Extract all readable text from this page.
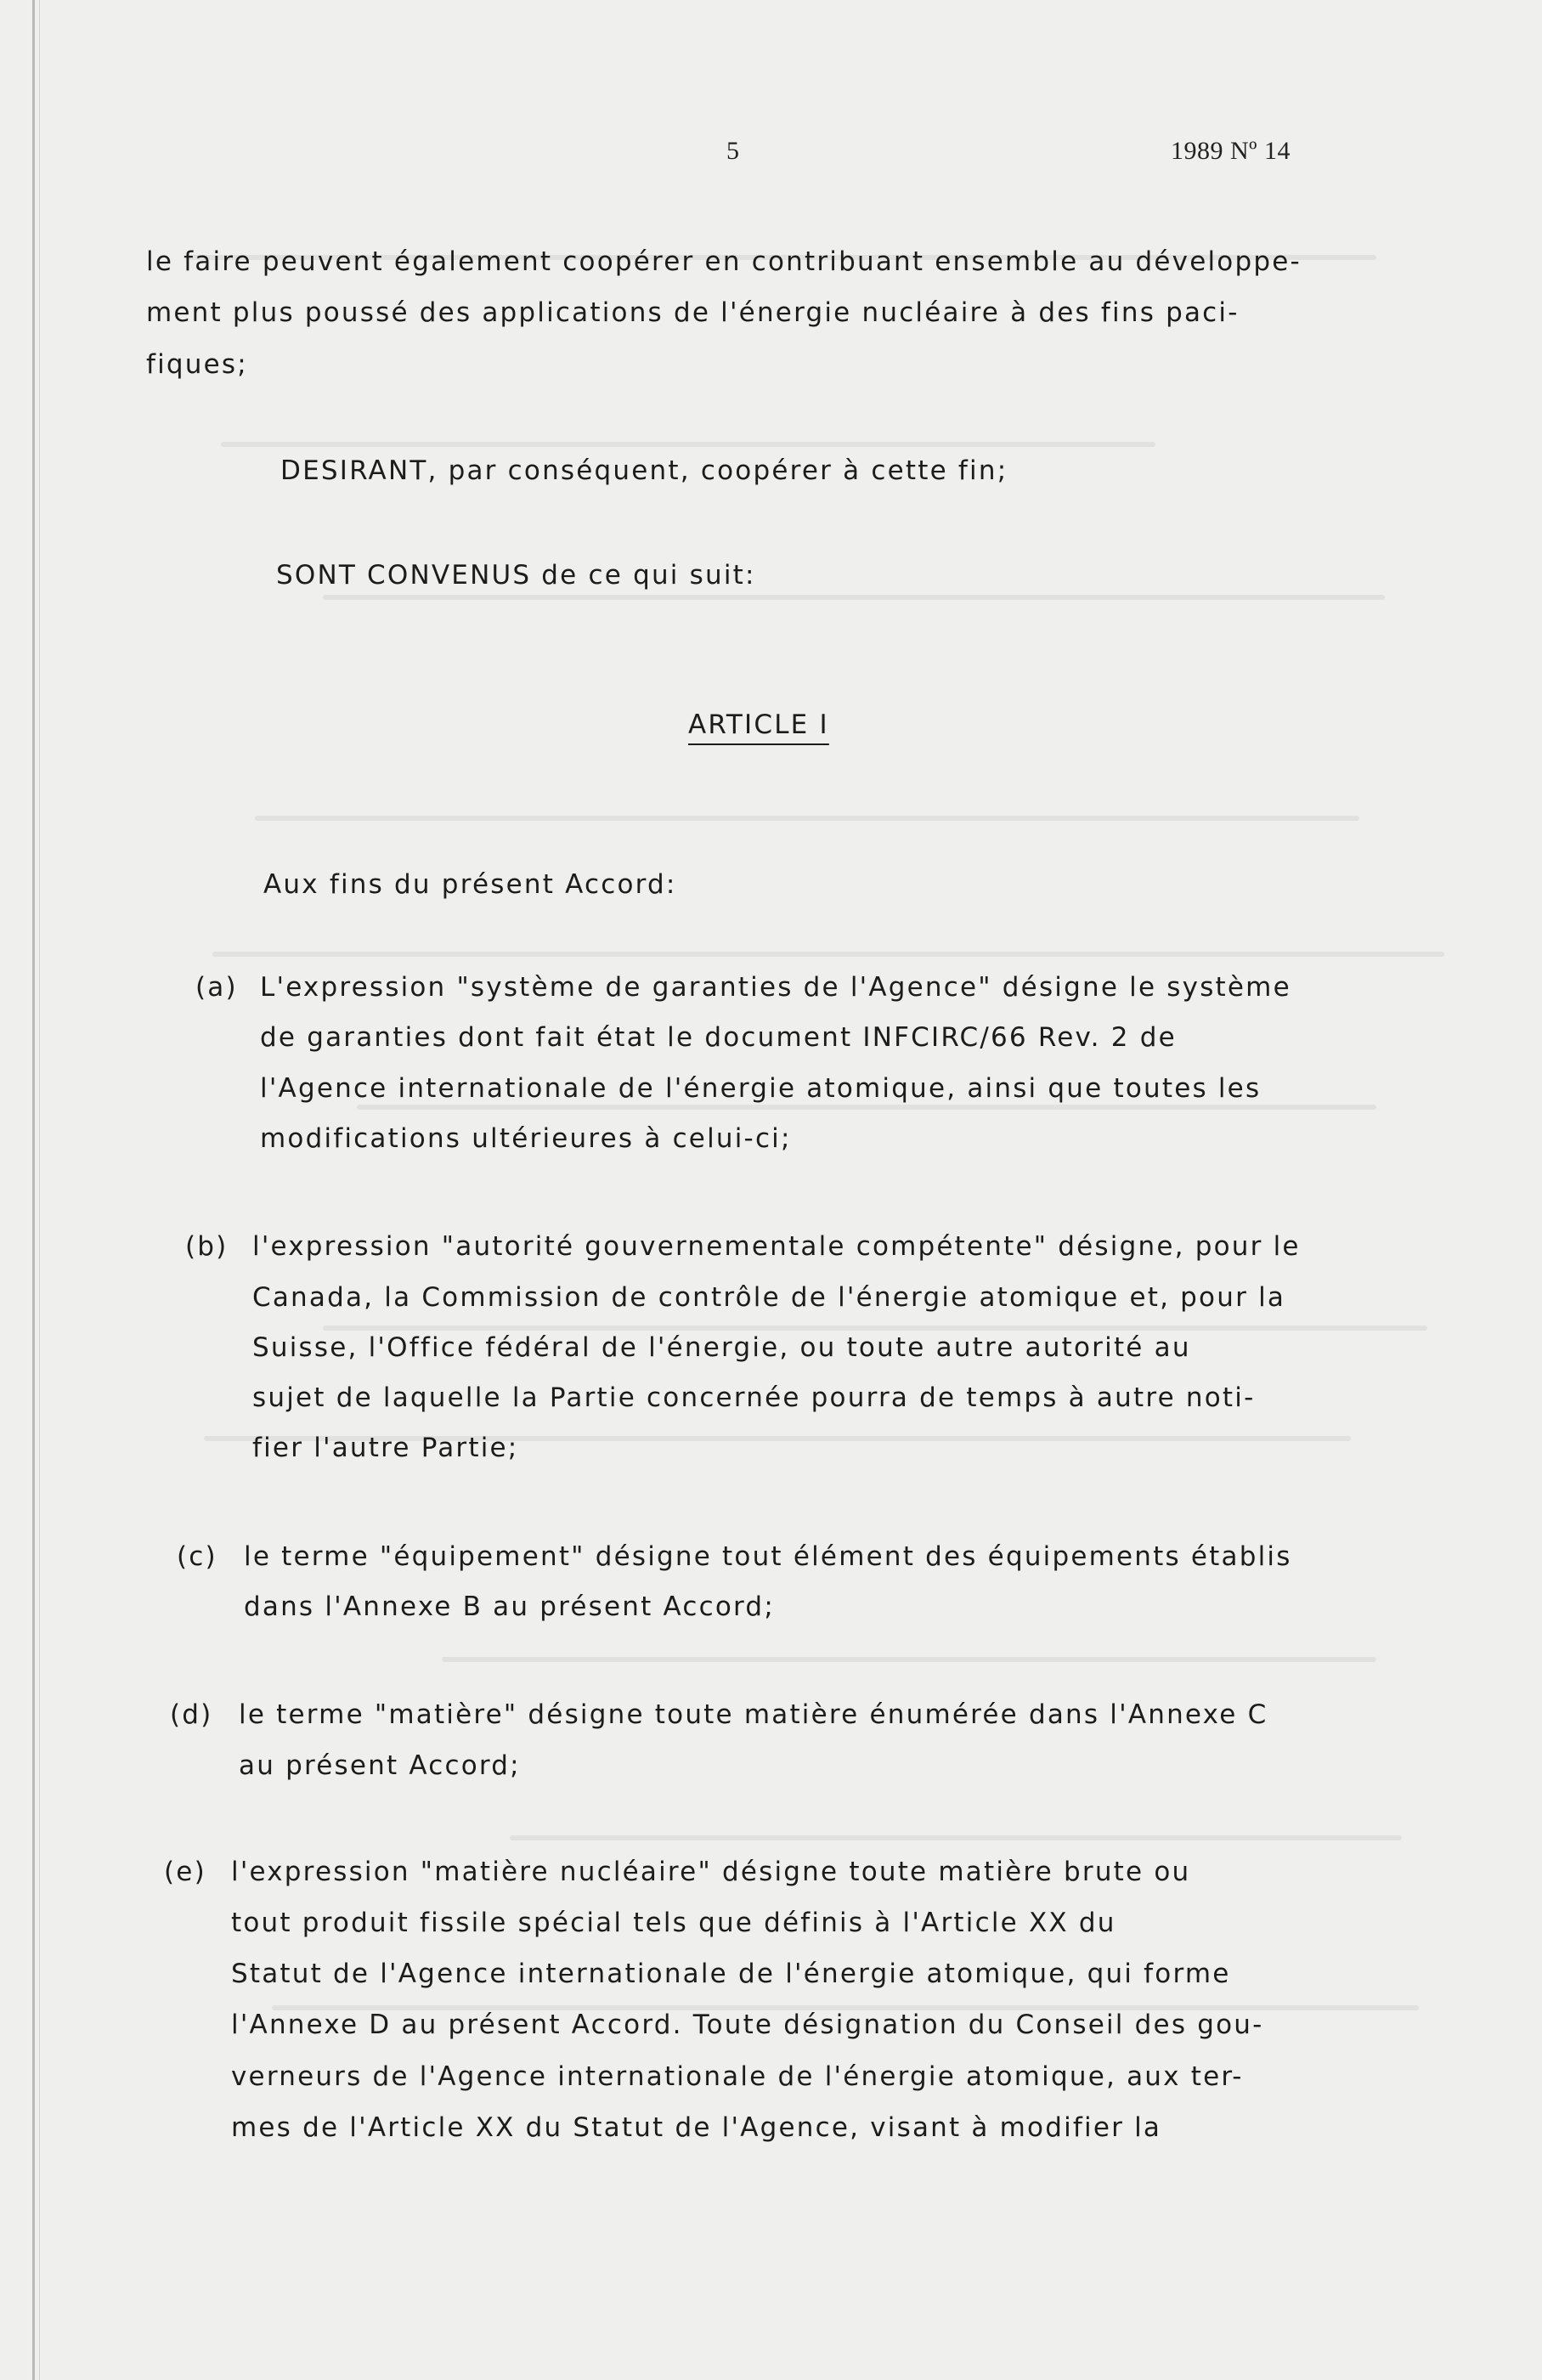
5	1989 Nº 14
le faire peuvent également coopérer en contribuant ensemble au développe-
ment plus poussé des applications de l'énergie nucléaire à des fins paci-
fiques;
DESIRANT, par conséquent, coopérer à cette fin;
SONT CONVENUS de ce qui suit:
ARTICLE I
Aux fins du présent Accord:
(a) L'expression "système de garanties de l'Agence" désigne le système
de garanties dont fait état le document INFCIRC/66 Rev. 2 de
l'Agence internationale de l'énergie atomique, ainsi que toutes les
modifications ultérieures à celui-ci;
(b) l'expression "autorité gouvernementale compétente" désigne, pour le
Canada, la Commission de contrôle de l'énergie atomique et, pour la
Suisse, l'Office fédéral de l'énergie, ou toute autre autorité au
sujet de laquelle la Partie concernée pourra de temps à autre noti-
fier l'autre Partie;
(c) le terme "équipement" désigne tout élément des équipements établis
dans l'Annexe B au présent Accord;
(d) le terme "matière" désigne toute matière énumérée dans l'Annexe C
au présent Accord;
(e) l'expression "matière nucléaire" désigne toute matière brute ou
tout produit fissile spécial tels que définis à l'Article XX du
Statut de l'Agence internationale de l'énergie atomique, qui forme
l'Annexe D au présent Accord. Toute désignation du Conseil des gou-
verneurs de l'Agence internationale de l'énergie atomique, aux ter-
mes de l'Article XX du Statut de l'Agence, visant à modifier la
